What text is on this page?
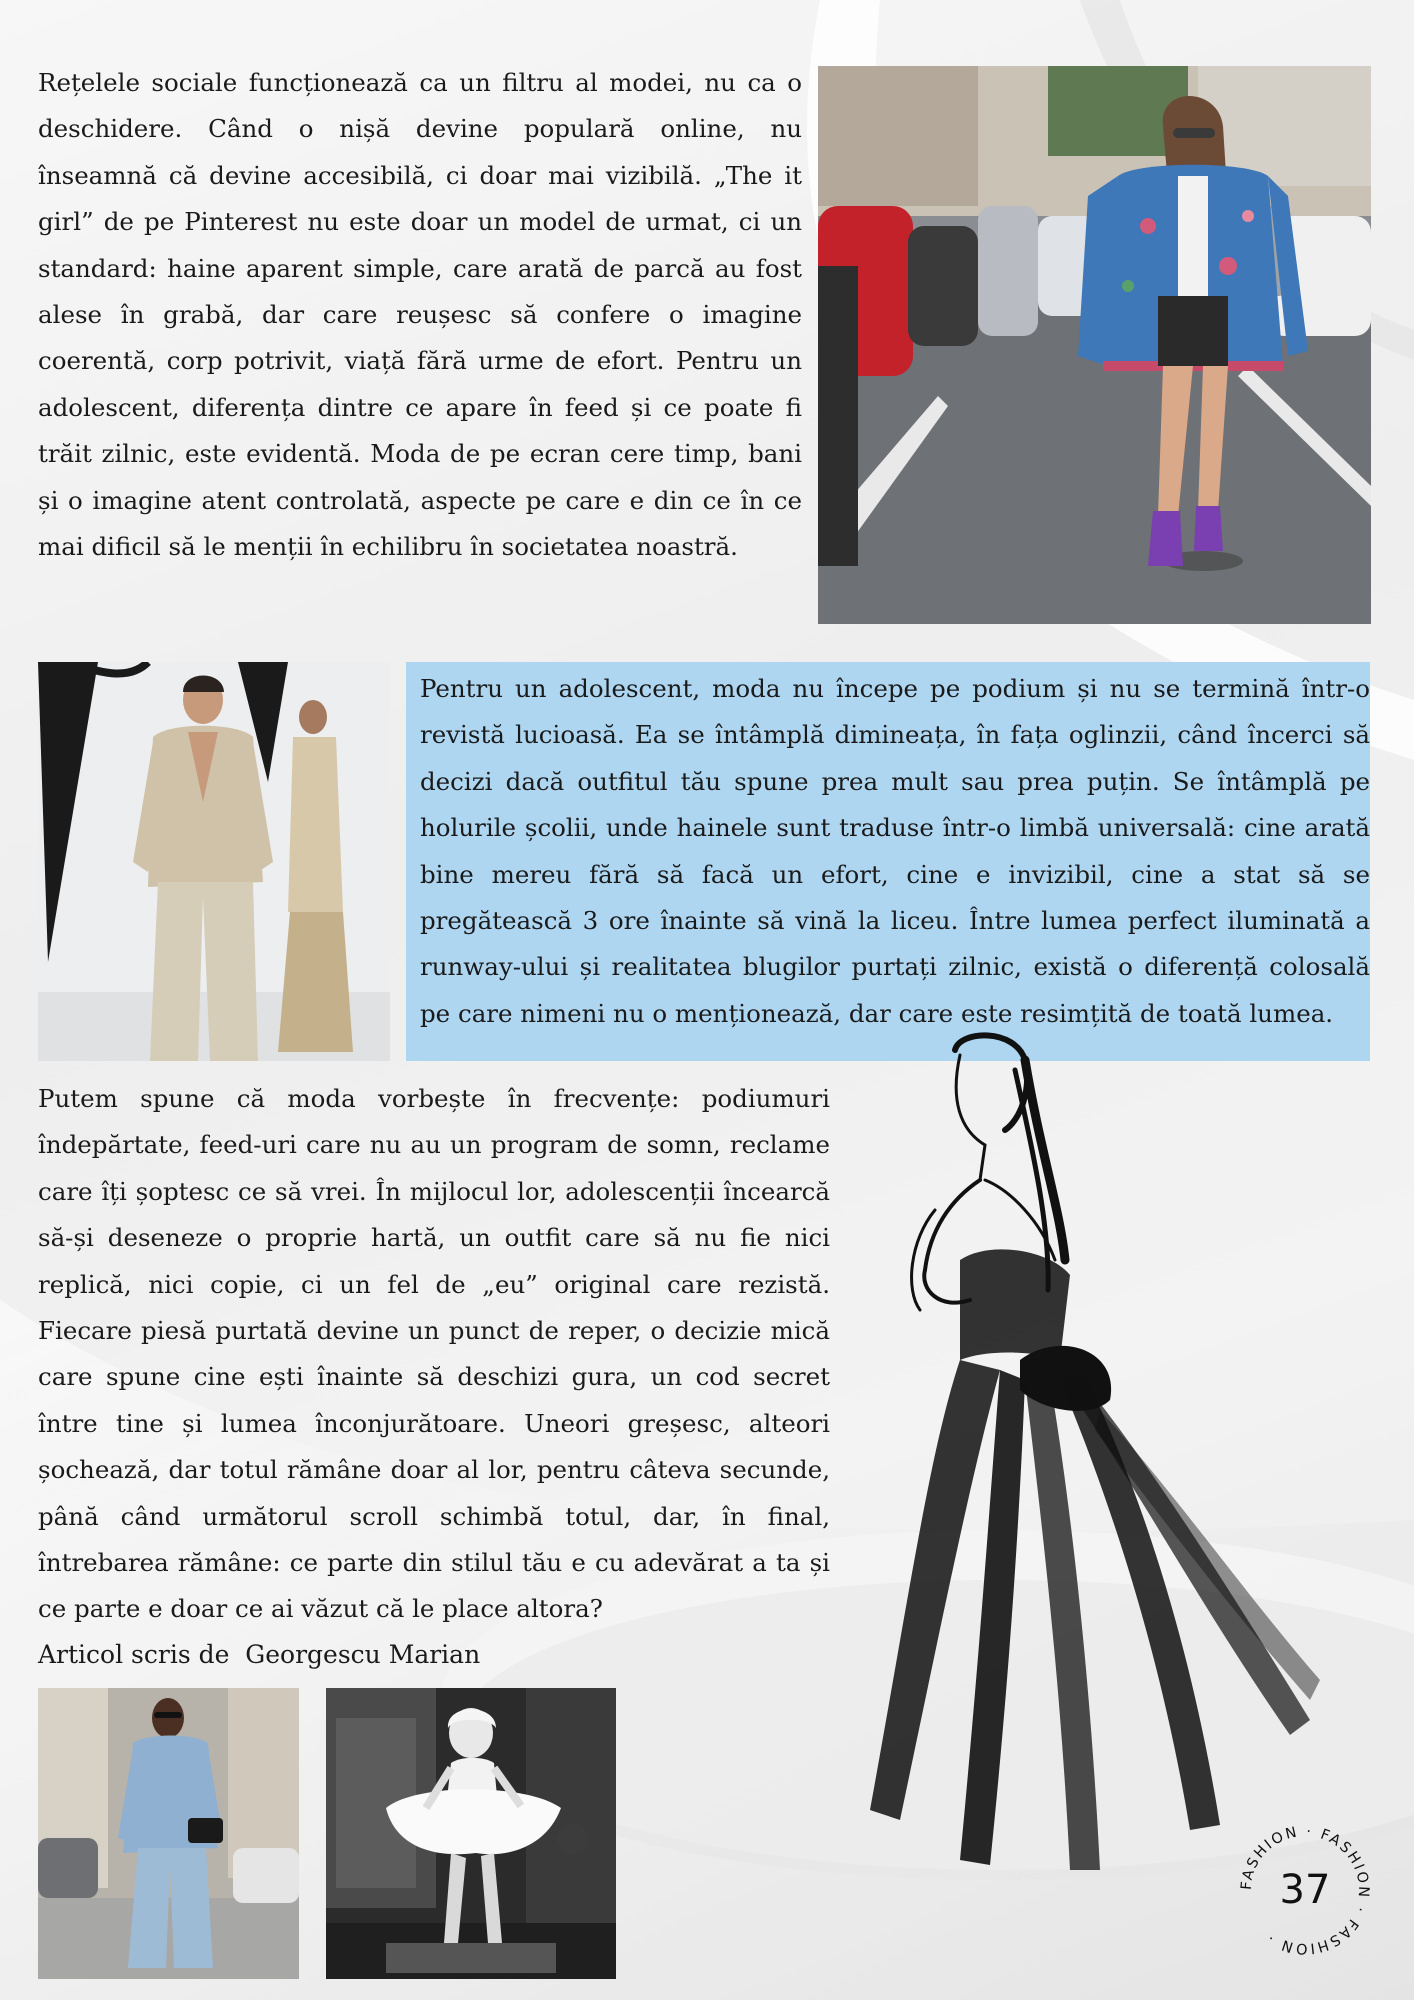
Rețelele sociale funcționează ca un filtru al modei, nu ca o deschidere. Când o nișă devine populară online, nu înseamnă că devine accesibilă, ci doar mai vizibilă. „The it girl” de pe Pinterest nu este doar un model de urmat, ci un standard: haine aparent simple, care arată de parcă au fost alese în grabă, dar care reușesc să confere o imagine coerentă, corp potrivit, viață fără urme de efort. Pentru un adolescent, diferența dintre ce apare în feed și ce poate fi trăit zilnic, este evidentă. Moda de pe ecran cere timp, bani și o imagine atent controlată, aspecte pe care e din ce în ce mai dificil să le menții în echilibru în societatea noastră.

Pentru un adolescent, moda nu începe pe podium și nu se termină într-o revistă lucioasă. Ea se întâmplă dimineața, în fața oglinzii, când încerci să decizi dacă outfitul tău spune prea mult sau prea puțin. Se întâmplă pe holurile școlii, unde hainele sunt traduse într-o limbă universală: cine arată bine mereu fără să facă un efort, cine e invizibil, cine a stat să se pregătească 3 ore înainte să vină la liceu. Între lumea perfect iluminată a runway-ului și realitatea blugilor purtați zilnic, există o diferență colosală pe care nimeni nu o menționează, dar care este resimțită de toată lumea.

Putem spune că moda vorbește în frecvențe: podiumuri îndepărtate, feed-uri care nu au un program de somn, reclame care îți șoptesc ce să vrei. În mijlocul lor, adolescenții încearcă să-și deseneze o proprie hartă, un outfit care să nu fie nici replică, nici copie, ci un fel de „eu” original care rezistă. Fiecare piesă purtată devine un punct de reper, o decizie mică care spune cine ești înainte să deschizi gura, un cod secret între tine și lumea înconjurătoare. Uneori greșesc, alteori șochează, dar totul rămâne doar al lor, pentru câteva secunde, până când următorul scroll schimbă totul, dar, în final, întrebarea rămâne: ce parte din stilul tău e cu adevărat a ta și ce parte e doar ce ai văzut că le place altora?

Articol scris de  Georgescu Marian
FASHION · FASHION · FASHION ·
37
